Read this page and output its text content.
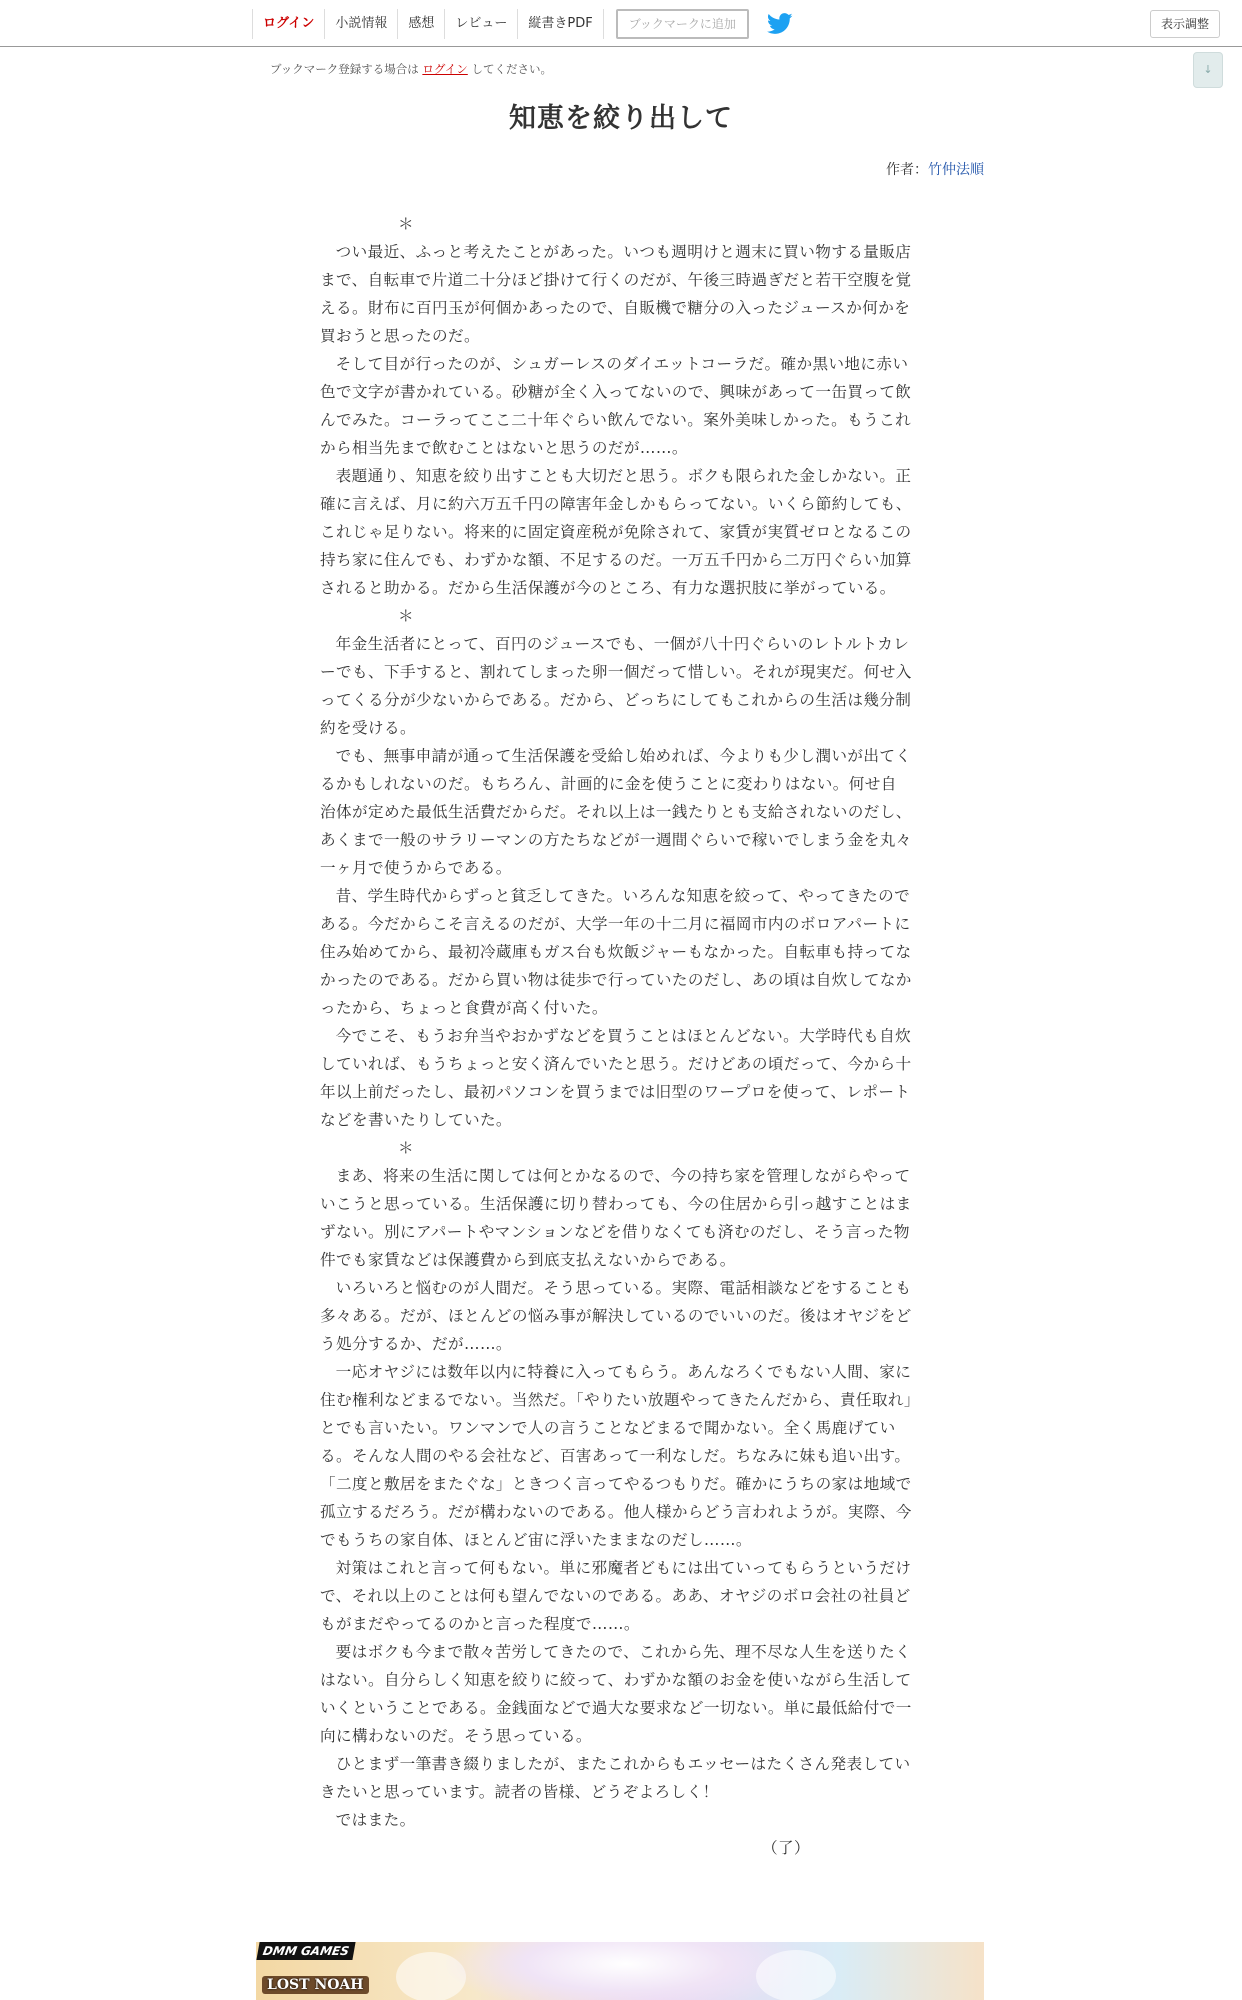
ログイン	小説情報	感想	レビュー	縦書きPDF	ブックマークに追加	表示調整
↓
ブックマーク登録する場合は ログイン してください。
知恵を絞り出して
作者：竹仲法順

＊

つい最近、ふっと考えたことがあった。いつも週明けと週末に買い物する量販店まで、自転車で片道二十分ほど掛けて行くのだが、午後三時過ぎだと若干空腹を覚える。財布に百円玉が何個かあったので、自販機で糖分の入ったジュースか何かを買おうと思ったのだ。

そして目が行ったのが、シュガーレスのダイエットコーラだ。確か黒い地に赤い色で文字が書かれている。砂糖が全く入ってないので、興味があって一缶買って飲んでみた。コーラってここ二十年ぐらい飲んでない。案外美味しかった。もうこれから相当先まで飲むことはないと思うのだが……。

表題通り、知恵を絞り出すことも大切だと思う。ボクも限られた金しかない。正確に言えば、月に約六万五千円の障害年金しかもらってない。いくら節約しても、これじゃ足りない。将来的に固定資産税が免除されて、家賃が実質ゼロとなるこの持ち家に住んでも、わずかな額、不足するのだ。一万五千円から二万円ぐらい加算されると助かる。だから生活保護が今のところ、有力な選択肢に挙がっている。

＊

年金生活者にとって、百円のジュースでも、一個が八十円ぐらいのレトルトカレーでも、下手すると、割れてしまった卵一個だって惜しい。それが現実だ。何せ入ってくる分が少ないからである。だから、どっちにしてもこれからの生活は幾分制約を受ける。

でも、無事申請が通って生活保護を受給し始めれば、今よりも少し潤いが出てくるかもしれないのだ。もちろん、計画的に金を使うことに変わりはない。何せ自治体が定めた最低生活費だからだ。それ以上は一銭たりとも支給されないのだし、あくまで一般のサラリーマンの方たちなどが一週間ぐらいで稼いでしまう金を丸々一ヶ月で使うからである。

昔、学生時代からずっと貧乏してきた。いろんな知恵を絞って、やってきたのである。今だからこそ言えるのだが、大学一年の十二月に福岡市内のボロアパートに住み始めてから、最初冷蔵庫もガス台も炊飯ジャーもなかった。自転車も持ってなかったのである。だから買い物は徒歩で行っていたのだし、あの頃は自炊してなかったから、ちょっと食費が高く付いた。

今でこそ、もうお弁当やおかずなどを買うことはほとんどない。大学時代も自炊していれば、もうちょっと安く済んでいたと思う。だけどあの頃だって、今から十年以上前だったし、最初パソコンを買うまでは旧型のワープロを使って、レポートなどを書いたりしていた。

＊

まあ、将来の生活に関しては何とかなるので、今の持ち家を管理しながらやっていこうと思っている。生活保護に切り替わっても、今の住居から引っ越すことはまずない。別にアパートやマンションなどを借りなくても済むのだし、そう言った物件でも家賃などは保護費から到底支払えないからである。

いろいろと悩むのが人間だ。そう思っている。実際、電話相談などをすることも多々ある。だが、ほとんどの悩み事が解決しているのでいいのだ。後はオヤジをどう処分するか、だが……。

一応オヤジには数年以内に特養に入ってもらう。あんなろくでもない人間、家に住む権利などまるでない。当然だ。「やりたい放題やってきたんだから、責任取れ」とでも言いたい。ワンマンで人の言うことなどまるで聞かない。全く馬鹿げている。そんな人間のやる会社など、百害あって一利なしだ。ちなみに妹も追い出す。「二度と敷居をまたぐな」ときつく言ってやるつもりだ。確かにうちの家は地域で孤立するだろう。だが構わないのである。他人様からどう言われようが。実際、今でもうちの家自体、ほとんど宙に浮いたままなのだし……。

対策はこれと言って何もない。単に邪魔者どもには出ていってもらうというだけで、それ以上のことは何も望んでないのである。ああ、オヤジのボロ会社の社員どもがまだやってるのかと言った程度で……。

要はボクも今まで散々苦労してきたので、これから先、理不尽な人生を送りたくはない。自分らしく知恵を絞りに絞って、わずかな額のお金を使いながら生活していくということである。金銭面などで過大な要求など一切ない。単に最低給付で一向に構わないのだ。そう思っている。

ひとまず一筆書き綴りましたが、またこれからもエッセーはたくさん発表していきたいと思っています。読者の皆様、どうぞよろしく！

ではまた。

（了）

DMM GAMES
LOST NOAH
